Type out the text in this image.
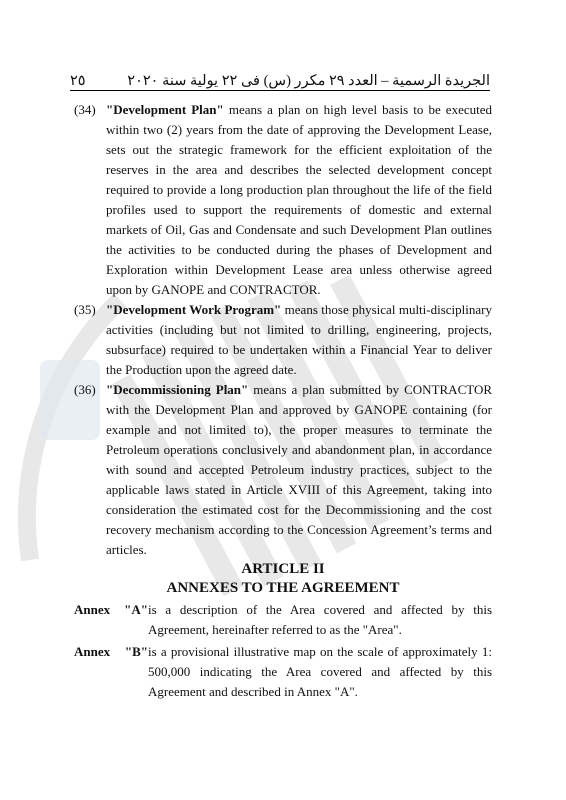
٢٥	الجريدة الرسمية – العدد ٢٩ مكرر (س) فى ٢٢ يولية سنة ٢٠٢٠
(34) "Development Plan" means a plan on high level basis to be executed within two (2) years from the date of approving the Development Lease, sets out the strategic framework for the efficient exploitation of the reserves in the area and describes the selected development concept required to provide a long production plan throughout the life of the field profiles used to support the requirements of domestic and external markets of Oil, Gas and Condensate and such Development Plan outlines the activities to be conducted during the phases of Development and Exploration within Development Lease area unless otherwise agreed upon by GANOPE and CONTRACTOR.
(35) "Development Work Program" means those physical multi-disciplinary activities (including but not limited to drilling, engineering, projects, subsurface) required to be undertaken within a Financial Year to deliver the Production upon the agreed date.
(36) "Decommissioning Plan" means a plan submitted by CONTRACTOR with the Development Plan and approved by GANOPE containing (for example and not limited to), the proper measures to terminate the Petroleum operations conclusively and abandonment plan, in accordance with sound and accepted Petroleum industry practices, subject to the applicable laws stated in Article XVIII of this Agreement, taking into consideration the estimated cost for the Decommissioning and the cost recovery mechanism according to the Concession Agreement’s terms and articles.
ARTICLE II
ANNEXES TO THE AGREEMENT
Annex "A" is a description of the Area covered and affected by this Agreement, hereinafter referred to as the "Area".
Annex "B" is a provisional illustrative map on the scale of approximately 1: 500,000 indicating the Area covered and affected by this Agreement and described in Annex "A".
